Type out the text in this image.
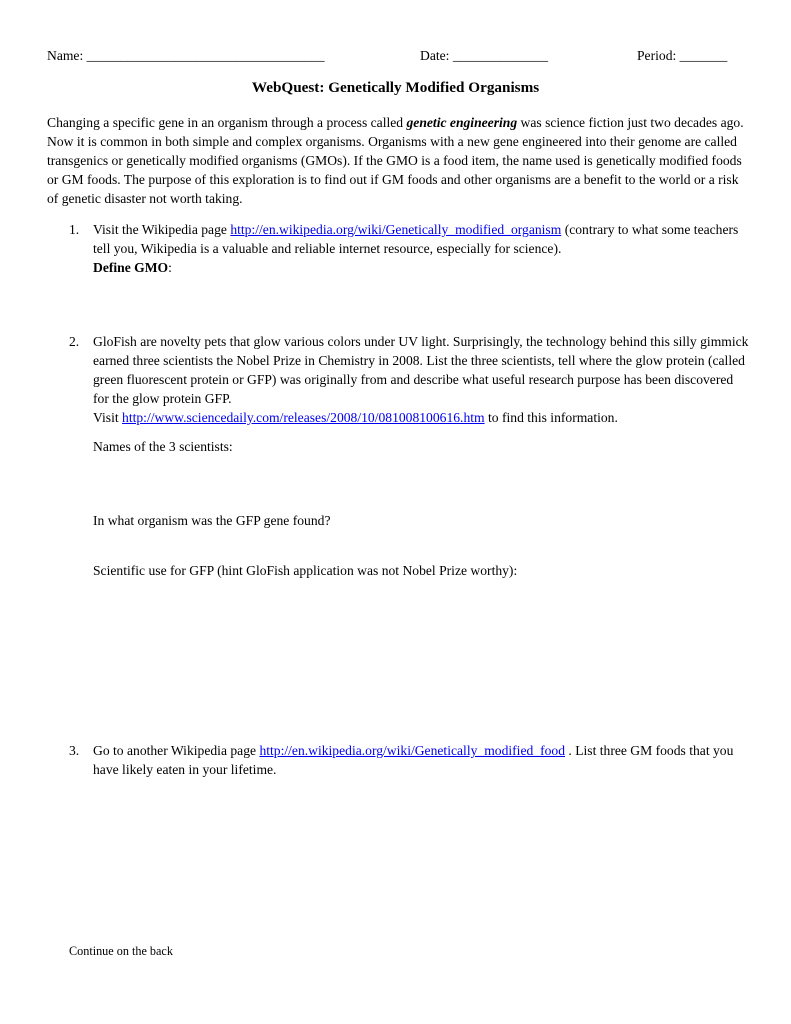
Name: ___________________________________	Date: ______________	Period: _______
WebQuest: Genetically Modified Organisms

Changing a specific gene in an organism through a process called genetic engineering was science fiction just two decades ago. Now it is common in both simple and complex organisms. Organisms with a new gene engineered into their genome are called transgenics or genetically modified organisms (GMOs). If the GMO is a food item, the name used is genetically modified foods or GM foods. The purpose of this exploration is to find out if GM foods and other organisms are a benefit to the world or a risk of genetic disaster not worth taking.

1. Visit the Wikipedia page http://en.wikipedia.org/wiki/Genetically_modified_organism (contrary to what some teachers tell you, Wikipedia is a valuable and reliable internet resource, especially for science).
Define GMO:

2. GloFish are novelty pets that glow various colors under UV light. Surprisingly, the technology behind this silly gimmick earned three scientists the Nobel Prize in Chemistry in 2008. List the three scientists, tell where the glow protein (called green fluorescent protein or GFP) was originally from and describe what useful research purpose has been discovered for the glow protein GFP.
Visit http://www.sciencedaily.com/releases/2008/10/081008100616.htm to find this information.

Names of the 3 scientists:

In what organism was the GFP gene found?

Scientific use for GFP (hint GloFish application was not Nobel Prize worthy):

3. Go to another Wikipedia page http://en.wikipedia.org/wiki/Genetically_modified_food . List three GM foods that you have likely eaten in your lifetime.

Continue on the back
